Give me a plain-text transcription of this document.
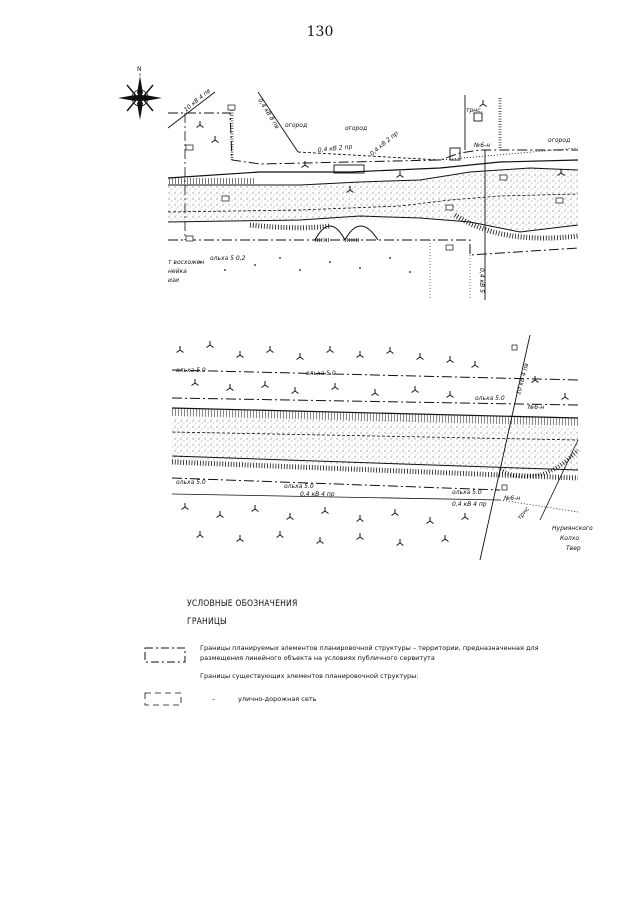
130
N
10 кВ 4 пв	0,4 кВ 8 пв огород	огород
огород
0,4 кВ 2 пр	0,4 кВ 2 пр
трнс.
№6-н
ольха 5 0,2
0,4 кВ 5
т восхожен
нейка
изи
ольха 5.0	ольха 5.0
ольха 5.0
ольха 5.0
ольха 5.0
ольха 5.0
0,4 кВ 4 пр
0,4 кВ 4 пр
10 кВ 4 пв
№6-н
№6-н
трнс
Нуриянского
Колхо
Твер
УСЛОВНЫЕ ОБОЗНАЧЕНИЯ
ГРАНИЦЫ
Границы планируемых элементов планировочной структуры – территории, предназначенная для размещения линейного объекта на условиях публичного сервитута
Границы существующих элементов планировочной структуры:
–	улично-дорожная сеть
